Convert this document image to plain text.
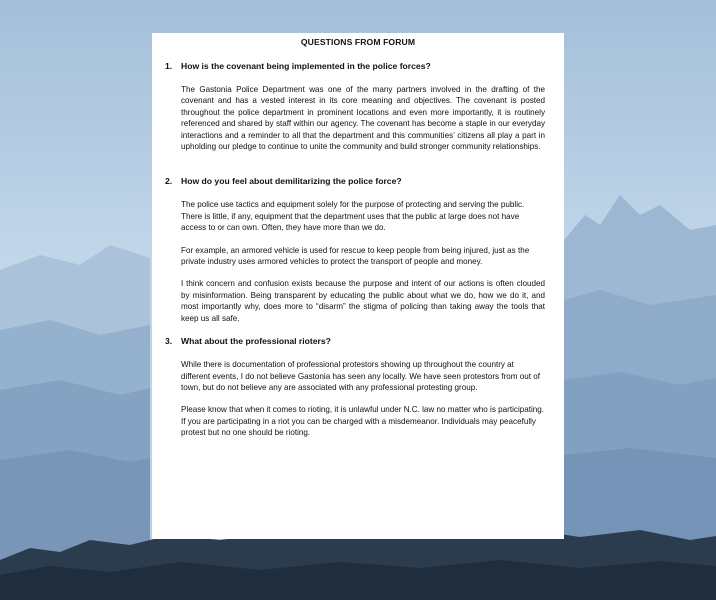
QUESTIONS FROM FORUM
1. How is the covenant being implemented in the police forces?

The Gastonia Police Department was one of the many partners involved in the drafting of the covenant and has a vested interest in its core meaning and objectives. The covenant is posted throughout the police department in prominent locations and even more importantly, it is routinely referenced and shared by staff within our agency. The covenant has become a staple in our everyday interactions and a reminder to all that the department and this communities’ citizens all play a part in upholding our pledge to continue to unite the community and build stronger community relationships.

2. How do you feel about demilitarizing the police force?

The police use tactics and equipment solely for the purpose of protecting and serving the public. There is little, if any, equipment that the department uses that the public at large does not have access to or can own. Often, they have more than we do.

For example, an armored vehicle is used for rescue to keep people from being injured, just as the private industry uses armored vehicles to protect the transport of people and money.

I think concern and confusion exists because the purpose and intent of our actions is often clouded by misinformation. Being transparent by educating the public about what we do, how we do it, and most importantly why, does more to “disarm” the stigma of policing than taking away the tools that keep us all safe.

3. What about the professional rioters?

While there is documentation of professional protestors showing up throughout the country at different events, I do not believe Gastonia has seen any locally. We have seen protestors from out of town, but do not believe any are associated with any professional protesting group.

Please know that when it comes to rioting, it is unlawful under N.C. law no matter who is participating. If you are participating in a riot you can be charged with a misdemeanor. Individuals may peacefully protest but no one should be rioting.
